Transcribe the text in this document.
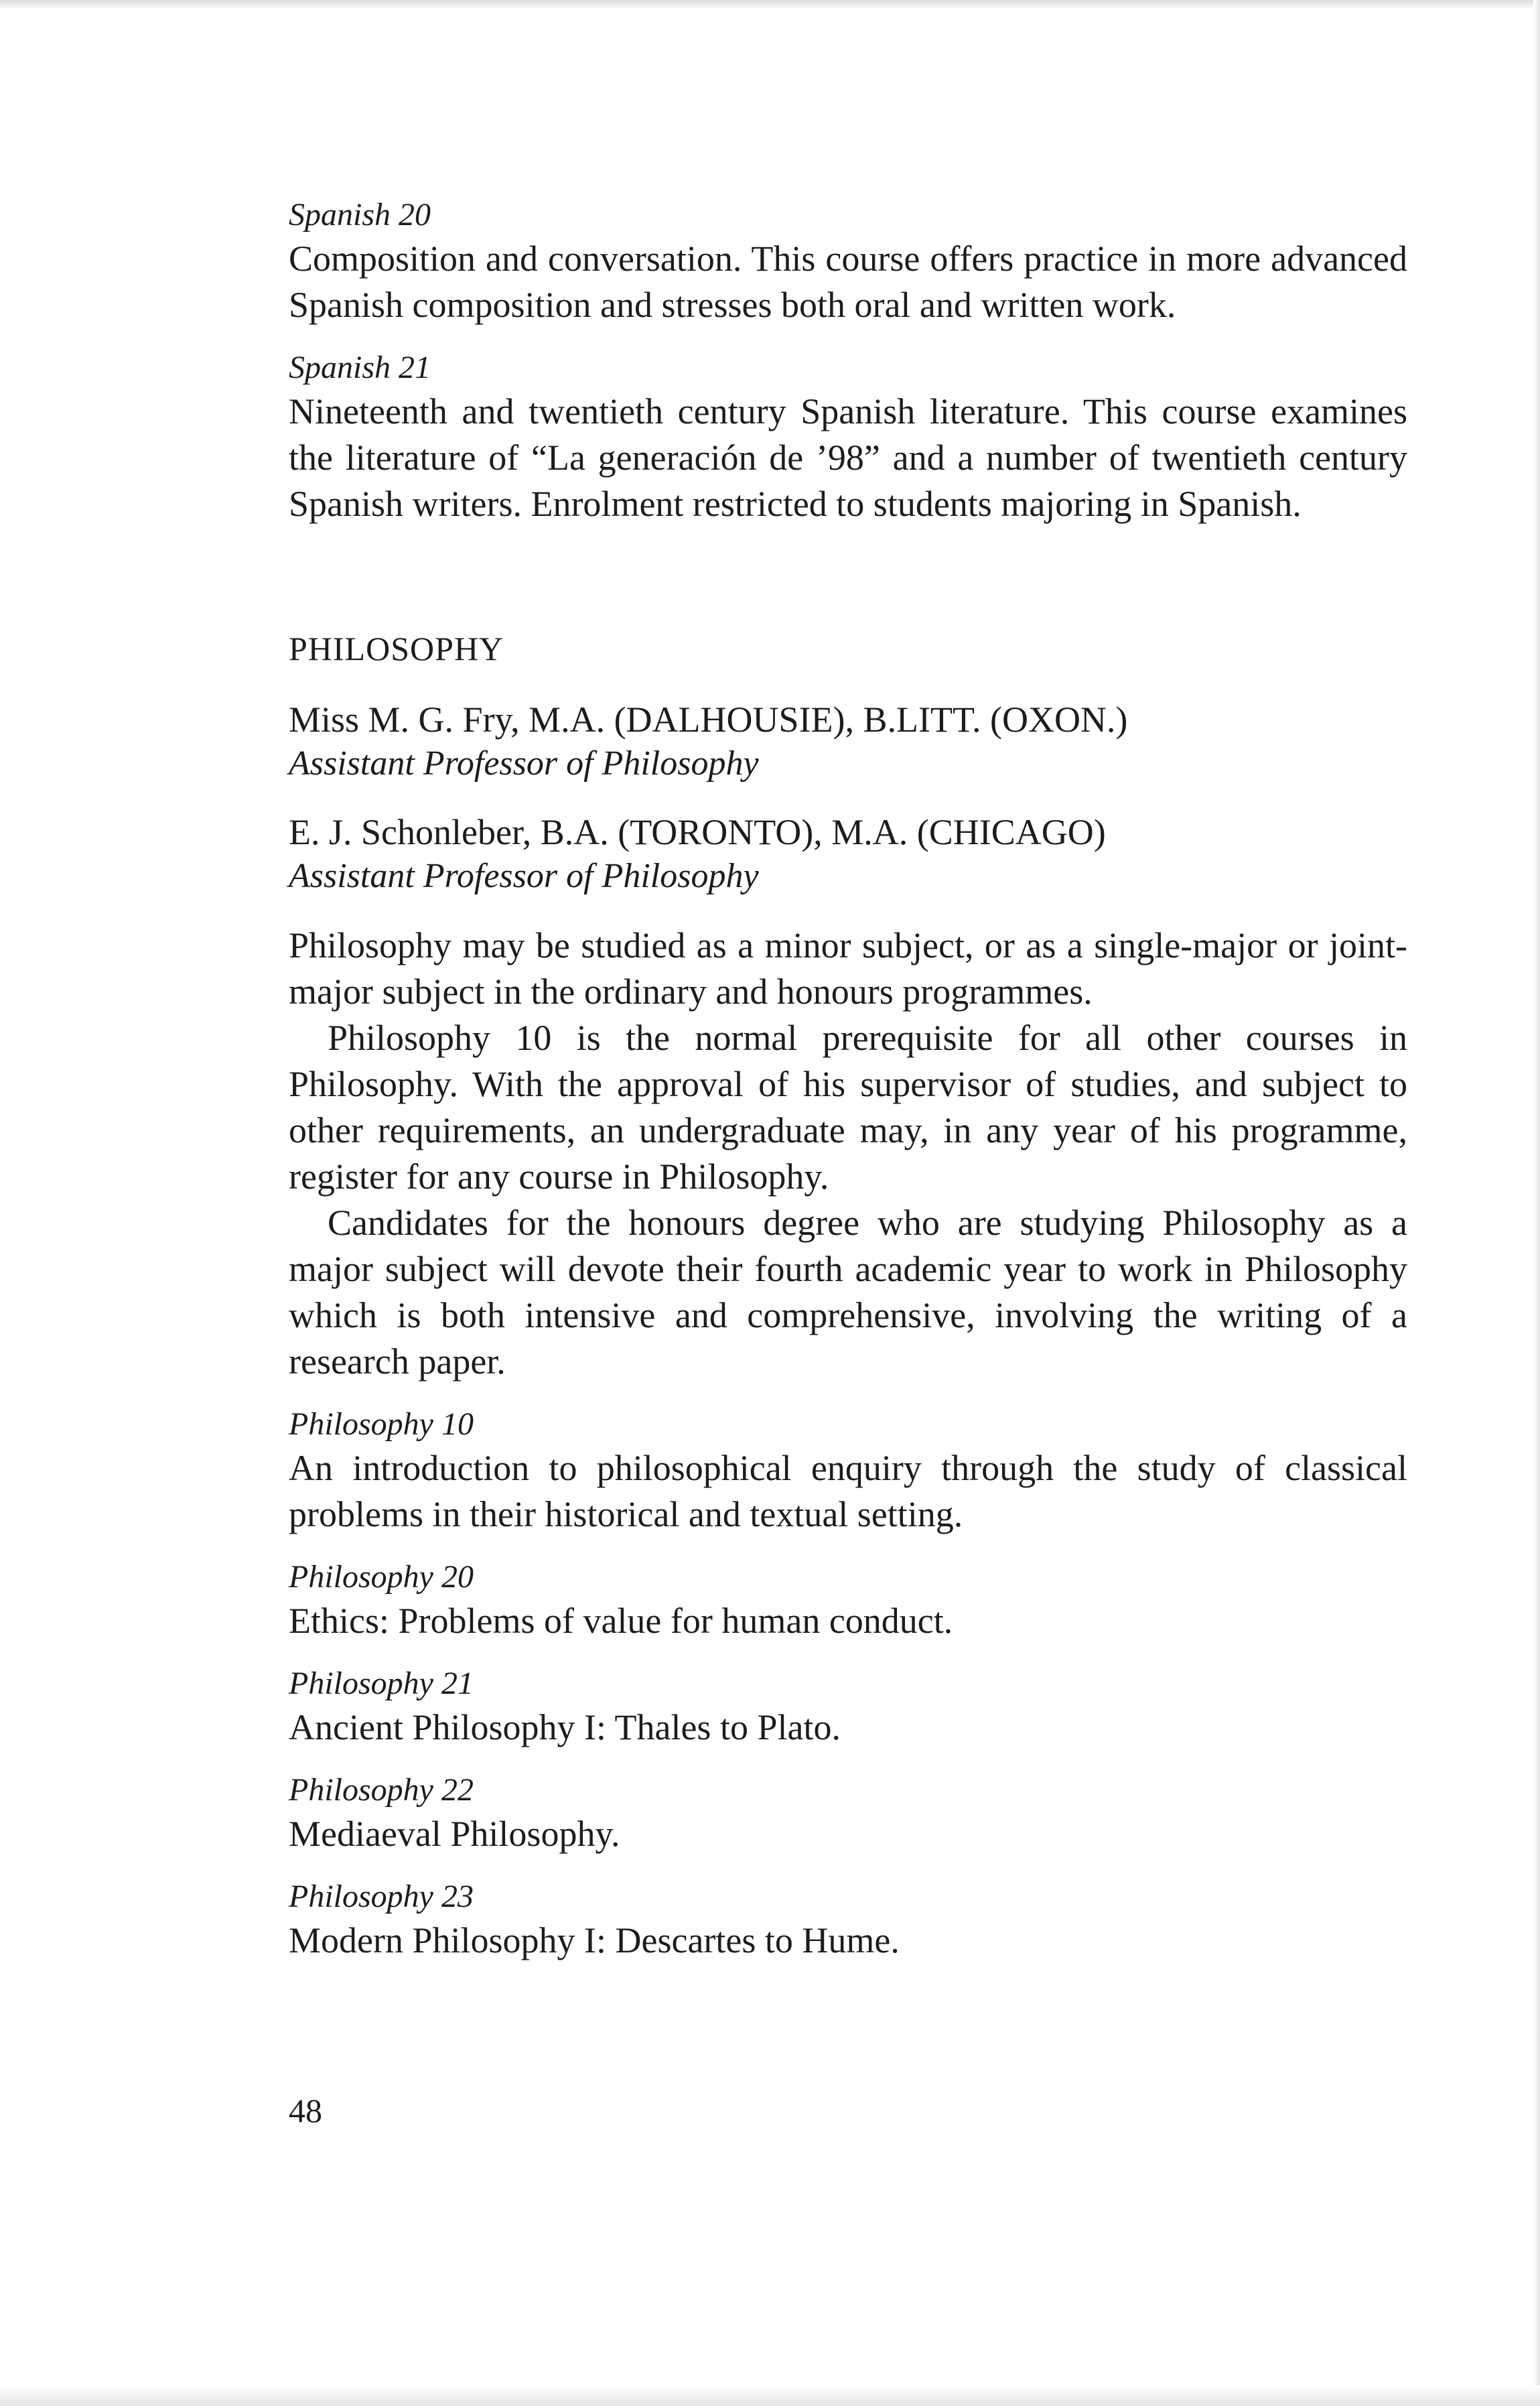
Spanish 20

Composition and conversation. This course offers practice in more advanced Spanish composition and stresses both oral and written work.

Spanish 21

Nineteenth and twentieth century Spanish literature. This course examines the literature of “La generación de ’98” and a number of twentieth century Spanish writers. Enrolment restricted to students majoring in Spanish.

PHILOSOPHY

Miss M. G. Fry, M.A. (DALHOUSIE), B.LITT. (OXON.)

Assistant Professor of Philosophy

E. J. Schonleber, B.A. (TORONTO), M.A. (CHICAGO)

Assistant Professor of Philosophy

Philosophy may be studied as a minor subject, or as a single-major or joint-major subject in the ordinary and honours programmes.

Philosophy 10 is the normal prerequisite for all other courses in Philosophy. With the approval of his supervisor of studies, and subject to other requirements, an undergraduate may, in any year of his programme, register for any course in Philosophy.

Candidates for the honours degree who are studying Philosophy as a major subject will devote their fourth academic year to work in Philosophy which is both intensive and comprehensive, involving the writing of a research paper.

Philosophy 10

An introduction to philosophical enquiry through the study of classical problems in their historical and textual setting.

Philosophy 20

Ethics: Problems of value for human conduct.

Philosophy 21

Ancient Philosophy I: Thales to Plato.

Philosophy 22

Mediaeval Philosophy.

Philosophy 23

Modern Philosophy I: Descartes to Hume.

48
